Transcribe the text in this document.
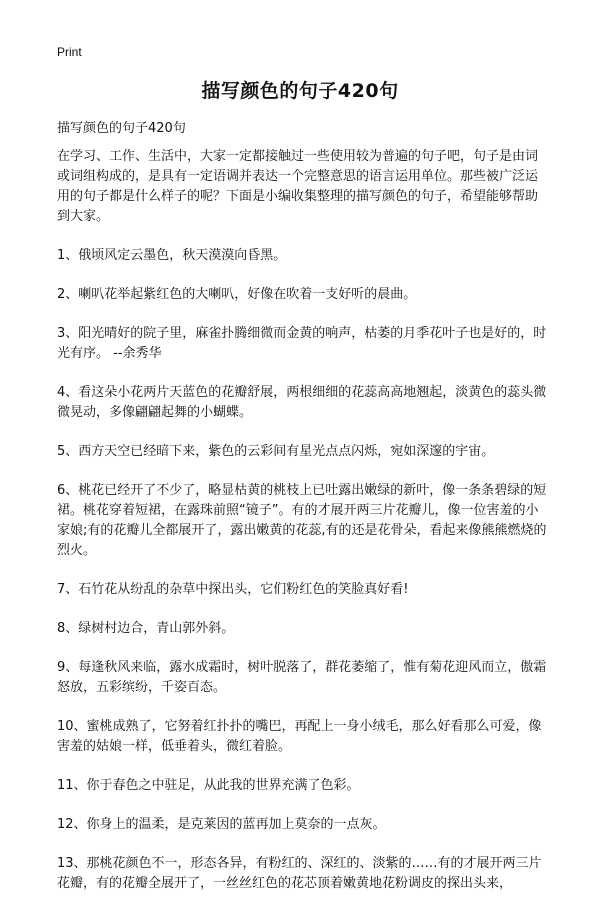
Print
描写颜色的句子420句
描写颜色的句子420句

在学习、工作、生活中，大家一定都接触过一些使用较为普遍的句子吧，句子是由词或词组构成的，是具有一定语调并表达一个完整意思的语言运用单位。那些被广泛运用的句子都是什么样子的呢？下面是小编收集整理的描写颜色的句子，希望能够帮助到大家。

1、俄顷风定云墨色，秋天漠漠向昏黑。

2、喇叭花举起紫红色的大喇叭，好像在吹着一支好听的晨曲。

3、阳光晴好的院子里，麻雀扑腾细微而金黄的响声，枯萎的月季花叶子也是好的，时光有序。 --余秀华

4、看这朵小花两片天蓝色的花瓣舒展，两根细细的花蕊高高地翘起，淡黄色的蕊头微微晃动，多像翩翩起舞的小蝴蝶。

5、西方天空已经暗下来，紫色的云彩间有星光点点闪烁，宛如深邃的宇宙。

6、桃花已经开了不少了，略显枯黄的桃枝上已吐露出嫩绿的新叶，像一条条碧绿的短裙。桃花穿着短裙，在露珠前照“镜子”。有的才展开两三片花瓣儿，像一位害羞的小家娘;有的花瓣儿全都展开了，露出嫩黄的花蕊,有的还是花骨朵，看起来像熊熊燃烧的烈火。

7、石竹花从纷乱的杂草中探出头，它们粉红色的笑脸真好看!

8、绿树村边合，青山郭外斜。

9、每逢秋风来临，露水成霜时，树叶脱落了，群花萎缩了，惟有菊花迎风而立，傲霜怒放，五彩缤纷，千姿百态。

10、蜜桃成熟了，它努着红扑扑的嘴巴，再配上一身小绒毛，那么好看那么可爱，像害羞的姑娘一样，低垂着头，微红着脸。

11、你于春色之中驻足，从此我的世界充满了色彩。

12、你身上的温柔，是克莱因的蓝再加上莫奈的一点灰。

13、那桃花颜色不一，形态各异，有粉红的、深红的、淡紫的……有的才展开两三片花瓣，有的花瓣全展开了，一丝丝红色的花芯顶着嫩黄地花粉调皮的探出头来，
